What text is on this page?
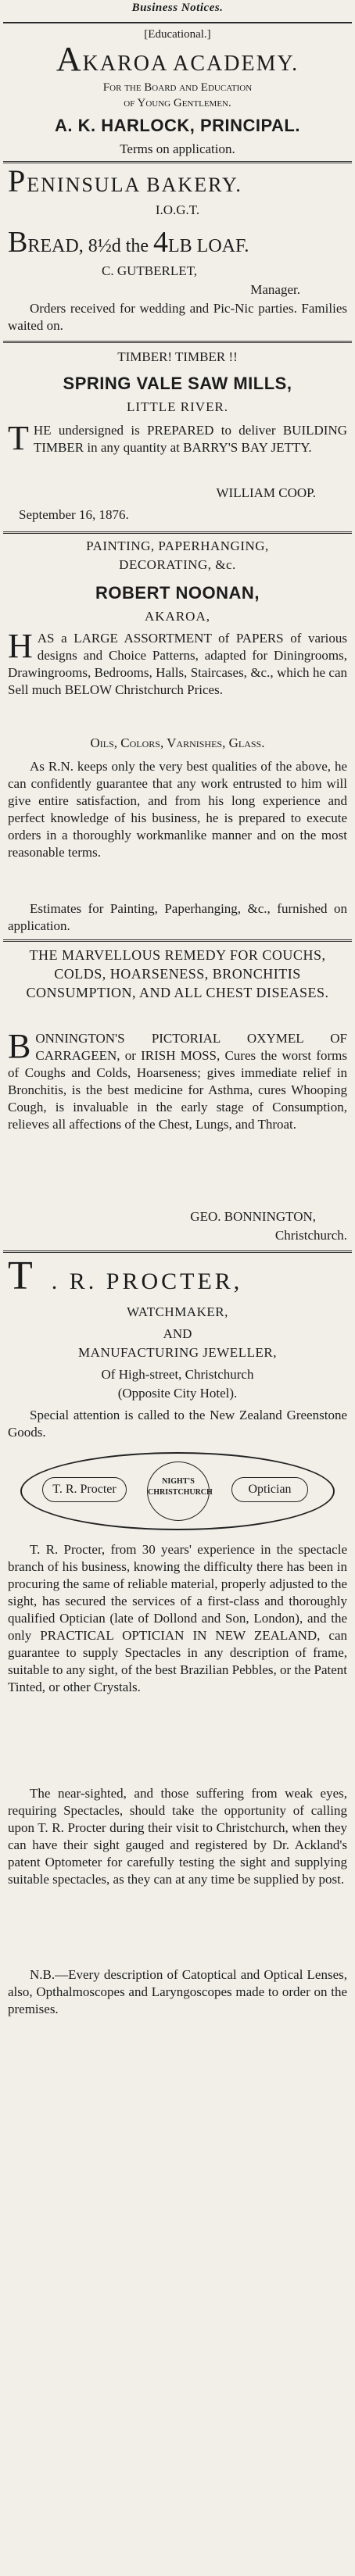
Business Notices.
[Educational.]
AKAROA ACADEMY.
For the Board and Education
of Young Gentlemen.
A. K. HARLOCK, PRINCIPAL.
Terms on application.
PENINSULA BAKERY.
I.O.G.T.
BREAD, 8½d the 4LB LOAF.
C. GUTBERLET,
Manager.
Orders received for wedding and Pic-Nic parties. Families waited on.
TIMBER! TIMBER !!
SPRING VALE SAW MILLS,
LITTLE RIVER.
THE undersigned is PREPARED to deliver BUILDING TIMBER in any quantity at BARRY'S BAY JETTY.
WILLIAM COOP.
September 16, 1876.
PAINTING, PAPERHANGING,
DECORATING, &c.
ROBERT NOONAN,
AKAROA,
HAS a LARGE ASSORTMENT of PAPERS of various designs and Choice Patterns, adapted for Diningrooms, Drawingrooms, Bedrooms, Halls, Staircases, &c., which he can Sell much BELOW Christchurch Prices.
Oils, Colors, Varnishes, Glass.
As R.N. keeps only the very best qualities of the above, he can confidently guarantee that any work entrusted to him will give entire satisfaction, and from his long experience and perfect knowledge of his business, he is prepared to execute orders in a thoroughly workmanlike manner and on the most reasonable terms.
Estimates for Painting, Paperhanging, &c., furnished on application.
THE MARVELLOUS REMEDY FOR COUCHS, COLDS, HOARSENESS, BRONCHITIS CONSUMPTION, AND ALL CHEST DISEASES.
BONNINGTON'S PICTORIAL OXYMEL OF CARRAGEEN, or IRISH MOSS, Cures the worst forms of Coughs and Colds, Hoarseness; gives immediate relief in Bronchitis, is the best medicine for Asthma, cures Whooping Cough, is invaluable in the early stage of Consumption, relieves all affections of the Chest, Lungs, and Throat.
GEO. BONNINGTON,
Christchurch.
T . R. PROCTER,
WATCHMAKER,
AND
MANUFACTURING JEWELLER,
Of High-street, Christchurch
(Opposite City Hotel).
Special attention is called to the New Zealand Greenstone Goods.
T. R. Procter
NIGHT'S CHRISTCHURCH	Optician
T. R. Procter, from 30 years' experience in the spectacle branch of his business, knowing the difficulty there has been in procuring the same of reliable material, properly adjusted to the sight, has secured the services of a first-class and thoroughly qualified Optician (late of Dollond and Son, London), and the only PRACTICAL OPTICIAN IN NEW ZEALAND, can guarantee to supply Spectacles in any description of frame, suitable to any sight, of the best Brazilian Pebbles, or the Patent Tinted, or other Crystals.
The near-sighted, and those suffering from weak eyes, requiring Spectacles, should take the opportunity of calling upon T. R. Procter during their visit to Christchurch, when they can have their sight gauged and registered by Dr. Ackland's patent Optometer for carefully testing the sight and supplying suitable spectacles, as they can at any time be supplied by post.
N.B.—Every description of Catoptical and Optical Lenses, also, Opthalmoscopes and Laryngoscopes made to order on the premises.
